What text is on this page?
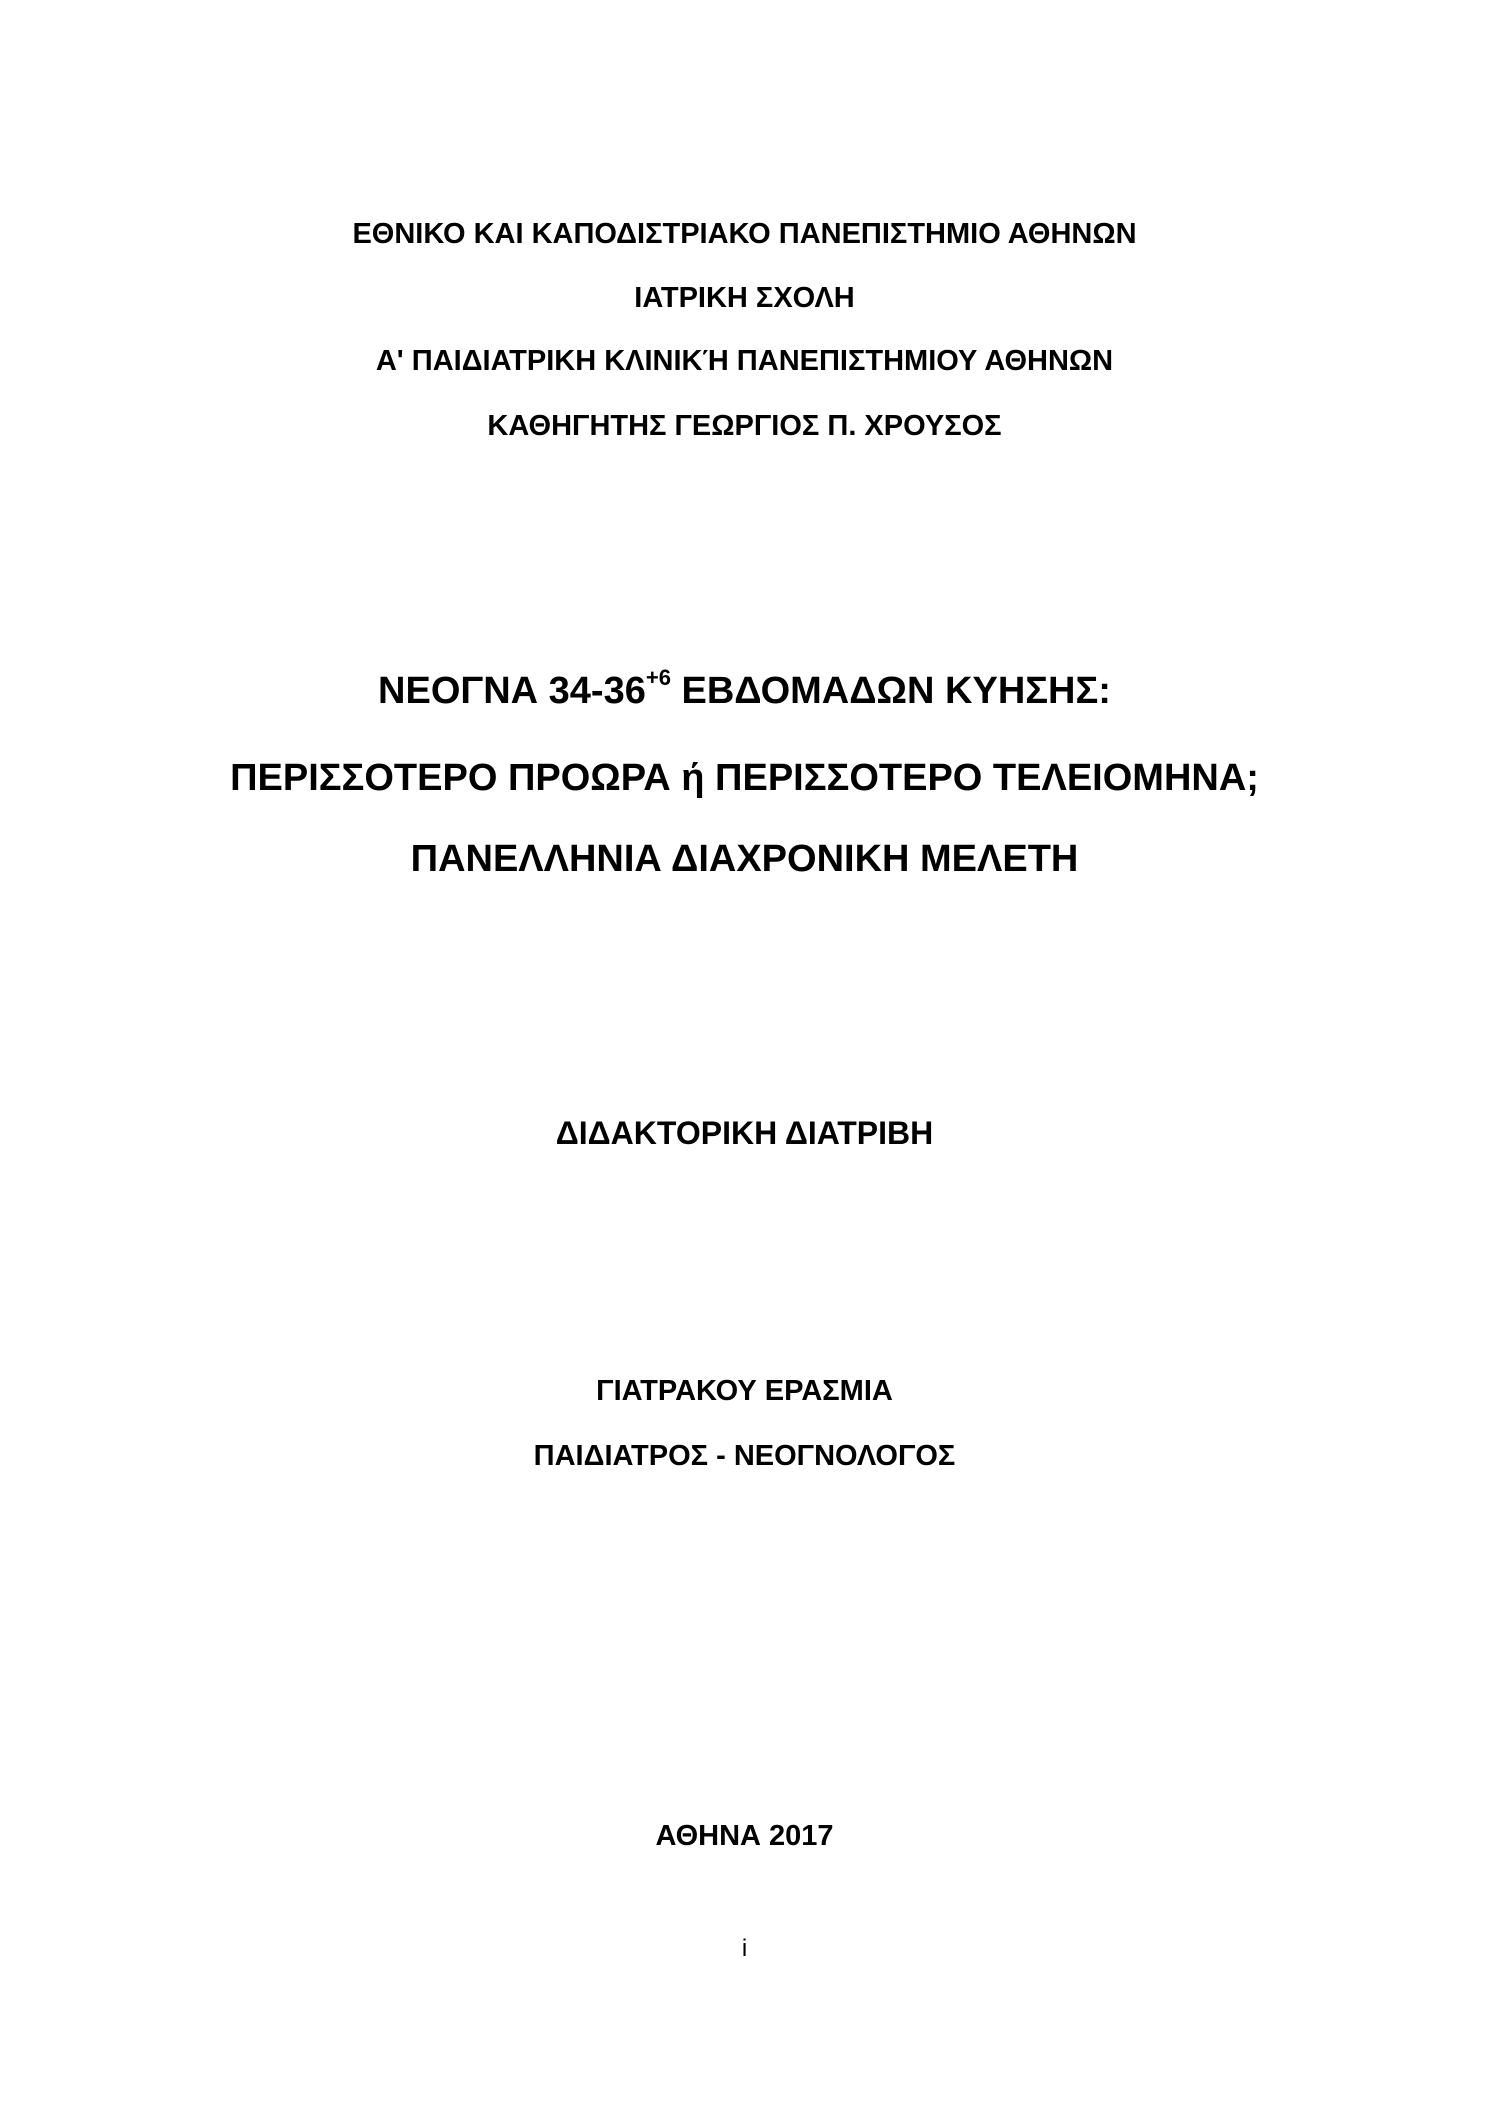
ΕΘΝΙΚΟ ΚΑΙ ΚΑΠΟΔΙΣΤΡΙΑΚΟ ΠΑΝΕΠΙΣΤΗΜΙΟ ΑΘΗΝΩΝ

ΙΑΤΡΙΚΗ ΣΧΟΛΗ

Α' ΠΑΙΔΙΑΤΡΙΚΗ ΚΛΙΝΙΚΉ ΠΑΝΕΠΙΣΤΗΜΙΟΥ ΑΘΗΝΩΝ

ΚΑΘΗΓΗΤΗΣ ΓΕΩΡΓΙΟΣ Π. ΧΡΟΥΣΟΣ

ΝΕΟΓΝΑ $34-36^{+6}$ ΕΒΔΟΜΑΔΩΝ ΚΥΗΣΗΣ:

ΠΕΡΙΣΣΟΤΕΡΟ ΠΡΟΩΡΑ ή ΠΕΡΙΣΣΟΤΕΡΟ ΤΕΛΕΙΟΜΗΝΑ;

ΠΑΝΕΛΛΗΝΙΑ ΔΙΑΧΡΟΝΙΚΗ ΜΕΛΕΤΗ

ΔΙΔΑΚΤΟΡΙΚΗ ΔΙΑΤΡΙΒΗ

ΓΙΑΤΡΑΚΟΥ ΕΡΑΣΜΙΑ

ΠΑΙΔΙΑΤΡΟΣ - ΝΕΟΓΝΟΛΟΓΟΣ

ΑΘΗΝΑ 2017

i
